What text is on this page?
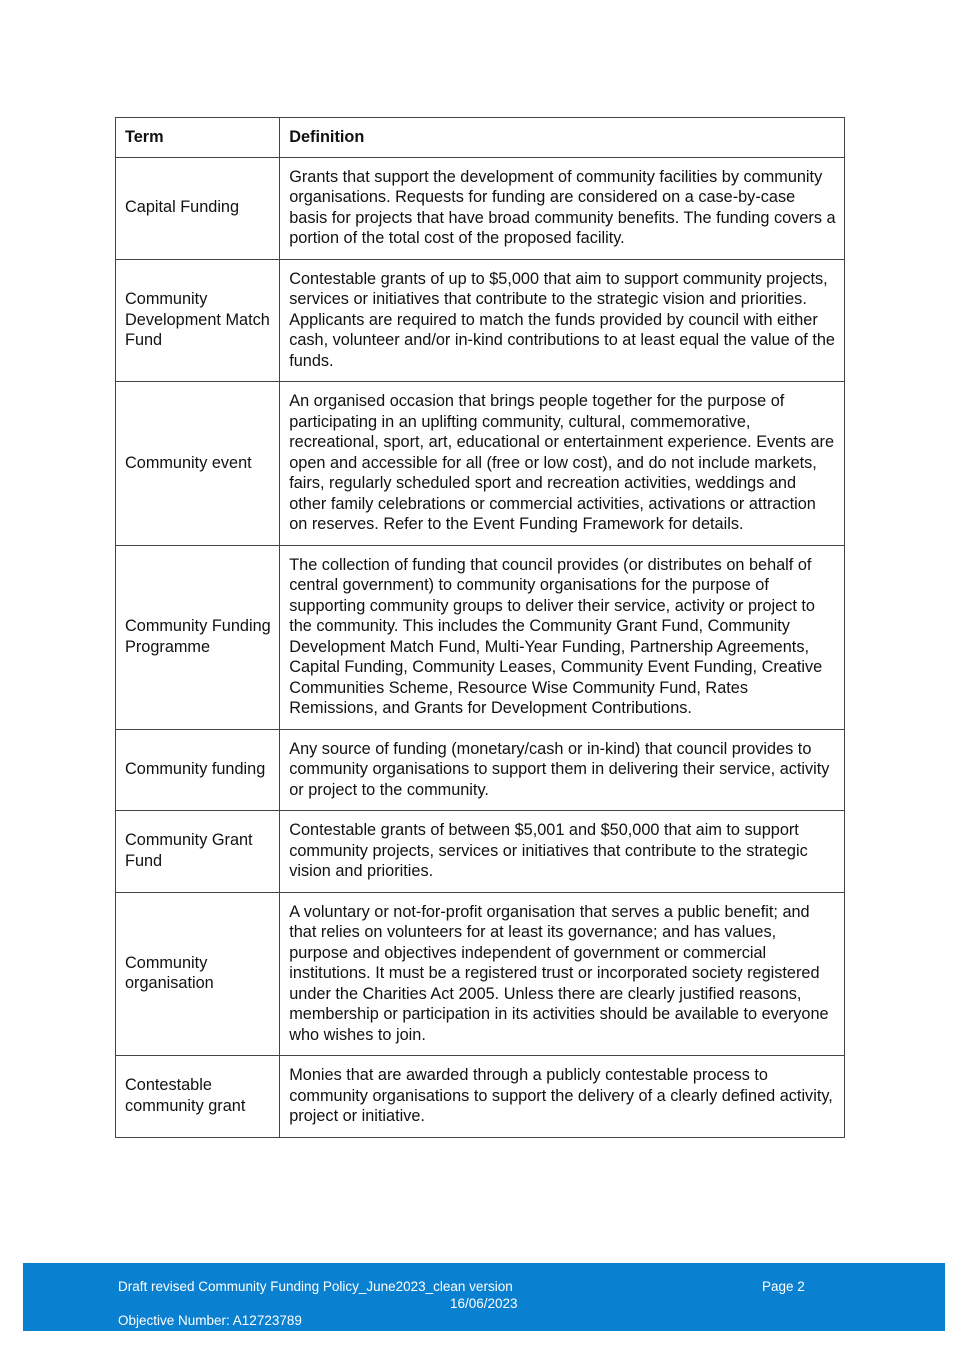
Term	Definition
Capital Funding	Grants that support the development of community facilities by community organisations. Requests for funding are considered on a case-by-case basis for projects that have broad community benefits. The funding covers a portion of the total cost of the proposed facility.
Community Development Match Fund	Contestable grants of up to $5,000 that aim to support community projects, services or initiatives that contribute to the strategic vision and priorities. Applicants are required to match the funds provided by council with either cash, volunteer and/or in-kind contributions to at least equal the value of the funds.
Community event	An organised occasion that brings people together for the purpose of participating in an uplifting community, cultural, commemorative, recreational, sport, art, educational or entertainment experience. Events are open and accessible for all (free or low cost), and do not include markets, fairs, regularly scheduled sport and recreation activities, weddings and other family celebrations or commercial activities, activations or attraction on reserves. Refer to the Event Funding Framework for details.
Community Funding Programme	The collection of funding that council provides (or distributes on behalf of central government) to community organisations for the purpose of supporting community groups to deliver their service, activity or project to the community. This includes the Community Grant Fund, Community Development Match Fund, Multi-Year Funding, Partnership Agreements, Capital Funding, Community Leases, Community Event Funding, Creative Communities Scheme, Resource Wise Community Fund, Rates Remissions, and Grants for Development Contributions.
Community funding	Any source of funding (monetary/cash or in-kind) that council provides to community organisations to support them in delivering their service, activity or project to the community.
Community Grant Fund	Contestable grants of between $5,001 and $50,000 that aim to support community projects, services or initiatives that contribute to the strategic vision and priorities.
Community organisation	A voluntary or not-for-profit organisation that serves a public benefit; and that relies on volunteers for at least its governance; and has values, purpose and objectives independent of government or commercial institutions. It must be a registered trust or incorporated society registered under the Charities Act 2005. Unless there are clearly justified reasons, membership or participation in its activities should be available to everyone who wishes to join.
Contestable community grant	Monies that are awarded through a publicly contestable process to community organisations to support the delivery of a clearly defined activity, project or initiative.
Draft revised Community Funding Policy_June2023_clean version	Page 2
16/06/2023
Objective Number: A12723789
